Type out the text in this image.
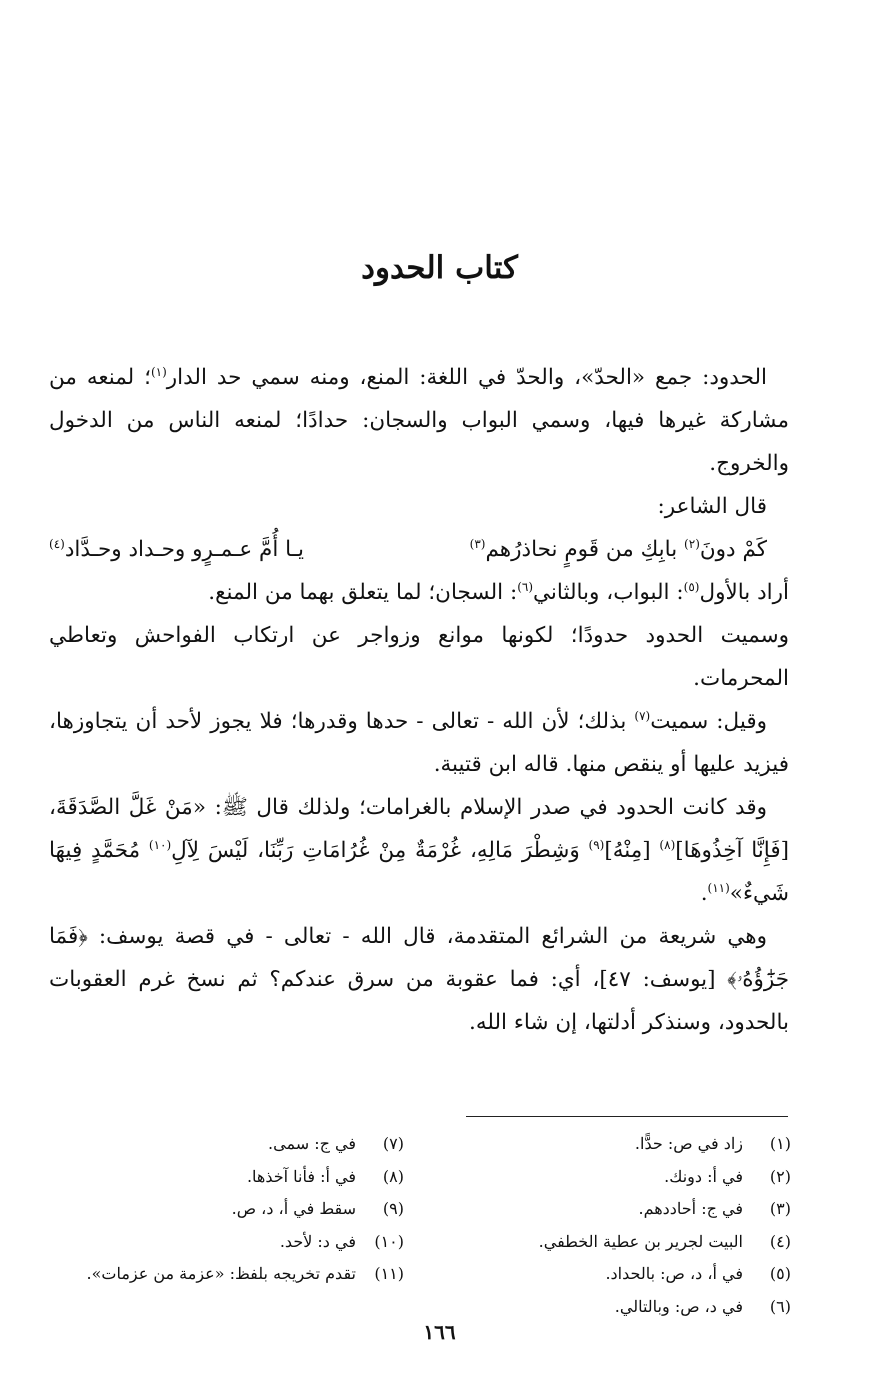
كتاب الحدود

الحدود: جمع «الحدّ»، والحدّ في اللغة: المنع، ومنه سمي حد الدار$^{(١)}$؛ لمنعه من مشاركة غيرها فيها، وسمي البواب والسجان: حدادًا؛ لمنعه الناس من الدخول والخروج.

قال الشاعر:

كَمْ دونَ$^{(٢)}$ بابِكِ من قَومٍ نحاذرُهم$^{(٣)}$
يـا أُمَّ عـمـرٍو وحـداد وحـدَّاد$^{(٤)}$

أراد بالأول$^{(٥)}$: البواب، وبالثاني$^{(٦)}$: السجان؛ لما يتعلق بهما من المنع.

وسميت الحدود حدودًا؛ لكونها موانع وزواجر عن ارتكاب الفواحش وتعاطي المحرمات.

وقيل: سميت$^{(٧)}$ بذلك؛ لأن الله - تعالى - حدها وقدرها؛ فلا يجوز لأحد أن يتجاوزها، فيزيد عليها أو ينقص منها. قاله ابن قتيبة.

وقد كانت الحدود في صدر الإسلام بالغرامات؛ ولذلك قال ﷺ: «مَنْ غَلَّ الصَّدَقَةَ، [فَإِنَّا آخِذُوهَا]$^{(٨)}$ [مِنْهُ]$^{(٩)}$ وَشِطْرَ مَالِهِ، غُرْمَةٌ مِنْ غُرُامَاتِ رَبِّنَا، لَيْسَ لِآلِ$^{(١٠)}$ مُحَمَّدٍ فِيهَا شَيءٌ»$^{(١١)}$.

وهي شريعة من الشرائع المتقدمة، قال الله - تعالى - في قصة يوسف: ﴿فَمَا جَزَٰٓؤُهُۥ﴾ [يوسف: ٤٧]، أي: فما عقوبة من سرق عندكم؟ ثم نسخ غرم العقوبات بالحدود، وسنذكر أدلتها، إن شاء الله.

(١)
زاد في ص: حدًّا.
(٢)
في أ: دونك.
(٣)
في ج: أحاددهم.
(٤)
البيت لجرير بن عطية الخطفي.
(٥)
في أ، د، ص: بالحداد.
(٦)
في د، ص: وبالتالي.
(٧)
في ج: سمى.
(٨)
في أ: فأنا آخذها.
(٩)
سقط في أ، د، ص.
(١٠)
في د: لأحد.
(١١)
تقدم تخريجه بلفظ: «عزمة من عزمات».
١٦٦
